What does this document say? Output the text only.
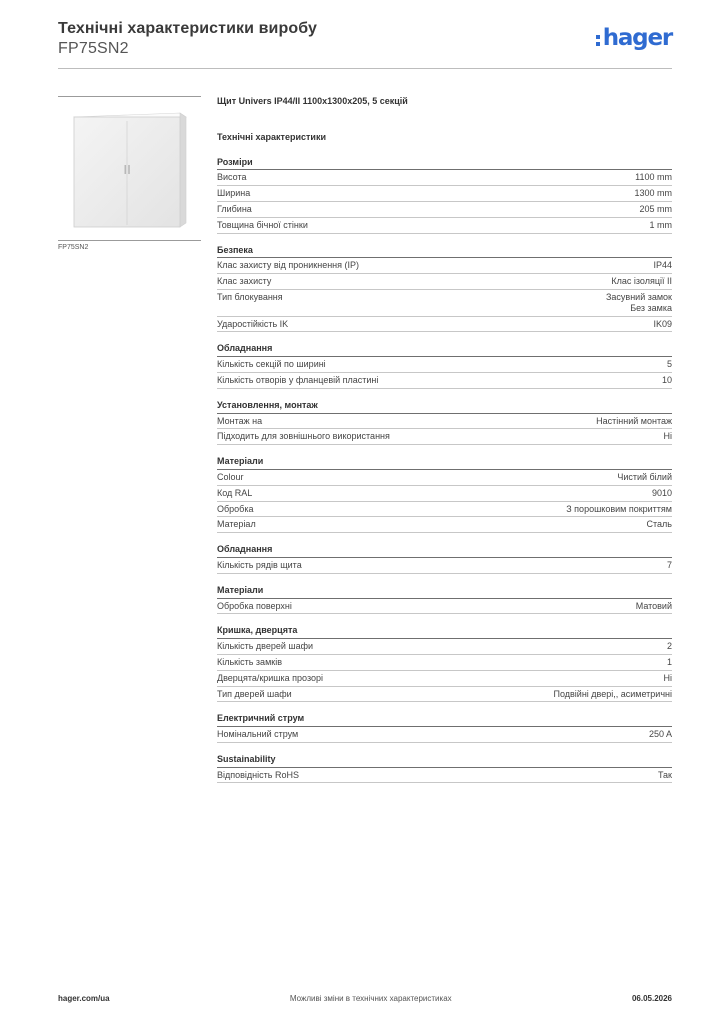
Технічні характеристики виробу
FP75SN2	hager
FP75SN2
Щит Univers IP44/II 1100x1300x205, 5 секцій
Технічні характеристики
Розміри
Висота	1100 mm
Ширина	1300 mm
Глибина	205 mm
Товщина бічної стінки	1 mm
Безпека
Клас захисту від проникнення (IP)	IP44
Клас захисту	Клас ізоляції II
Тип блокування	Засувний замок
Без замка
Ударостійкість IK	IK09
Обладнання
Кількість секцій по ширині	5
Кількість отворів у фланцевій пластині	10
Установлення, монтаж
Монтаж на	Настінний монтаж
Підходить для зовнішнього використання	Ні
Матеріали
Colour	Чистий білий
Код RAL	9010
Обробка	З порошковим покриттям
Матеріал	Сталь
Обладнання
Кількість рядів щита	7
Матеріали
Обробка поверхні	Матовий
Кришка, дверцята
Кількість дверей шафи	2
Кількість замків	1
Дверцята/кришка прозорі	Ні
Тип дверей шафи	Подвійні двері,, асиметричні
Електричний струм
Номінальний струм	250 A
Sustainability
Відповідність RoHS	Так
hager.com/ua	Можливі зміни в технічних характеристиках	06.05.2026
